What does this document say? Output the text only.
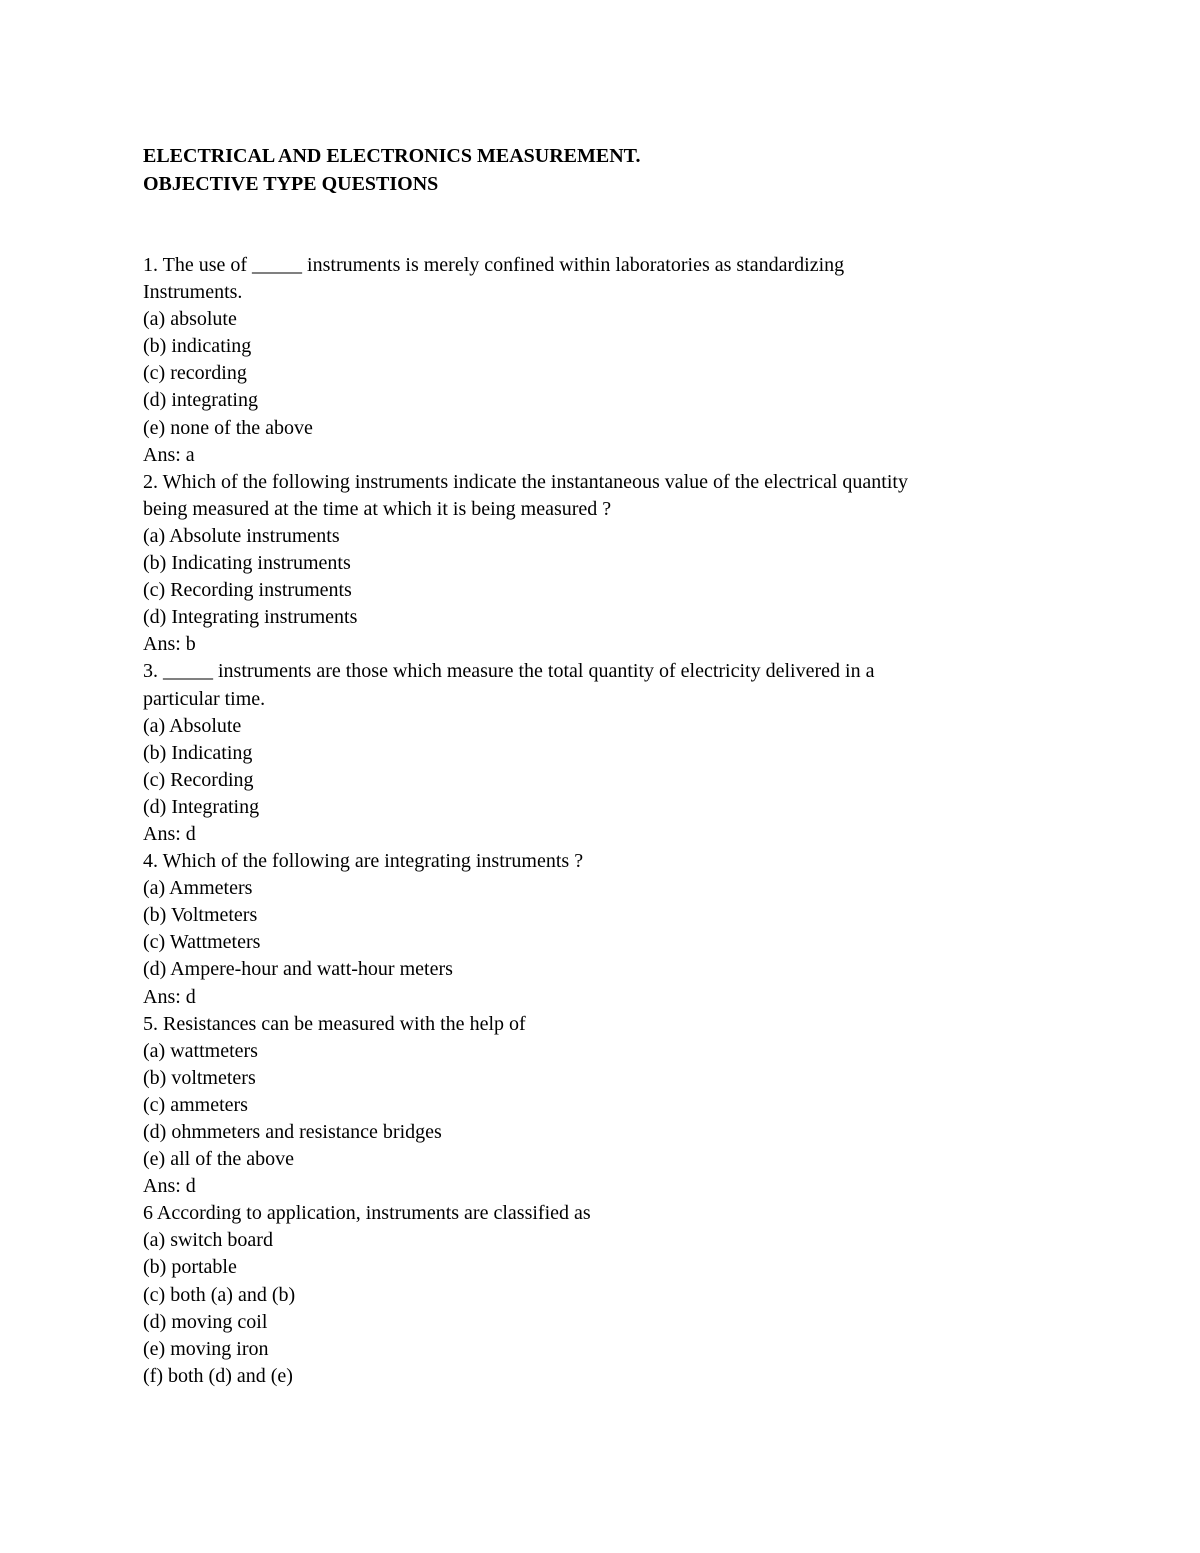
ELECTRICAL AND ELECTRONICS MEASUREMENT.
OBJECTIVE TYPE QUESTIONS
1. The use of _____ instruments is merely confined within laboratories as standardizing
Instruments.
(a) absolute
(b) indicating
(c) recording
(d) integrating
(e) none of the above
Ans: a
2. Which of the following instruments indicate the instantaneous value of the electrical quantity
being measured at the time at which it is being measured ?
(a) Absolute instruments
(b) Indicating instruments
(c) Recording instruments
(d) Integrating instruments
Ans: b
3. _____ instruments are those which measure the total quantity of electricity delivered in a
particular time.
(a) Absolute
(b) Indicating
(c) Recording
(d) Integrating
Ans: d
4. Which of the following are integrating instruments ?
(a) Ammeters
(b) Voltmeters
(c) Wattmeters
(d) Ampere-hour and watt-hour meters
Ans: d
5. Resistances can be measured with the help of
(a) wattmeters
(b) voltmeters
(c) ammeters
(d) ohmmeters and resistance bridges
(e) all of the above
Ans: d
6 According to application, instruments are classified as
(a) switch board
(b) portable
(c) both (a) and (b)
(d) moving coil
(e) moving iron
(f) both (d) and (e)
